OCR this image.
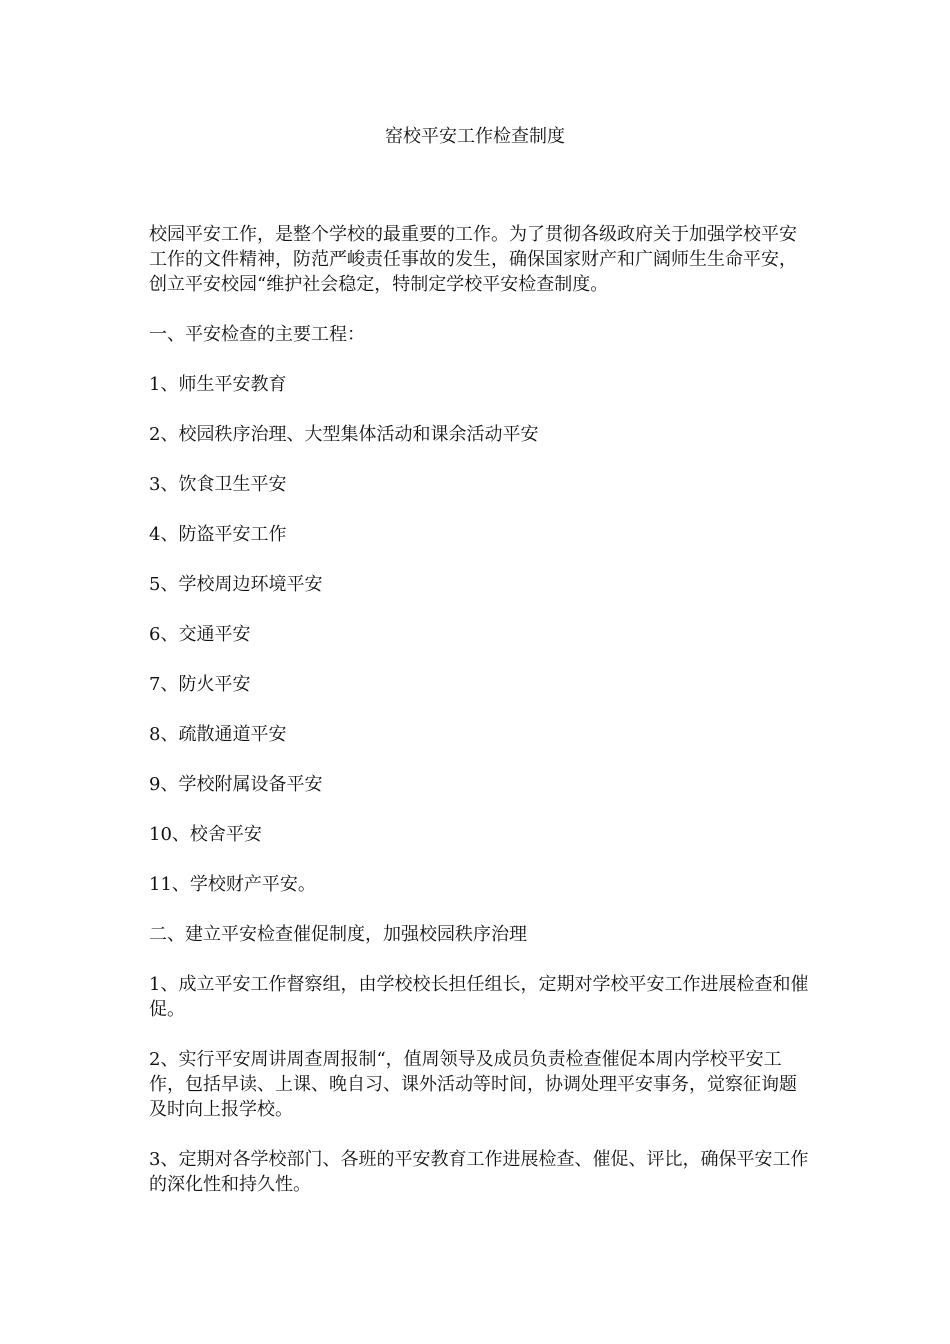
窑校平安工作检查制度

校园平安工作，是整个学校的最重要的工作。为了贯彻各级政府关于加强学校平安工作的文件精神，防范严峻责任事故的发生，确保国家财产和广阔师生生命平安，创立平安校园“维护社会稳定，特制定学校平安检查制度。

一、平安检查的主要工程：

1、师生平安教育

2、校园秩序治理、大型集体活动和课余活动平安

3、饮食卫生平安

4、防盗平安工作

5、学校周边环境平安

6、交通平安

7、防火平安

8、疏散通道平安

9、学校附属设备平安

10、校舍平安

11、学校财产平安。

二、建立平安检查催促制度，加强校园秩序治理

1、成立平安工作督察组，由学校校长担任组长，定期对学校平安工作进展检查和催促。

2、实行平安周讲周查周报制“，值周领导及成员负责检查催促本周内学校平安工作，包括早读、上课、晚自习、课外活动等时间，协调处理平安事务，觉察征询题及时向上报学校。

3、定期对各学校部门、各班的平安教育工作进展检查、催促、评比，确保平安工作的深化性和持久性。
